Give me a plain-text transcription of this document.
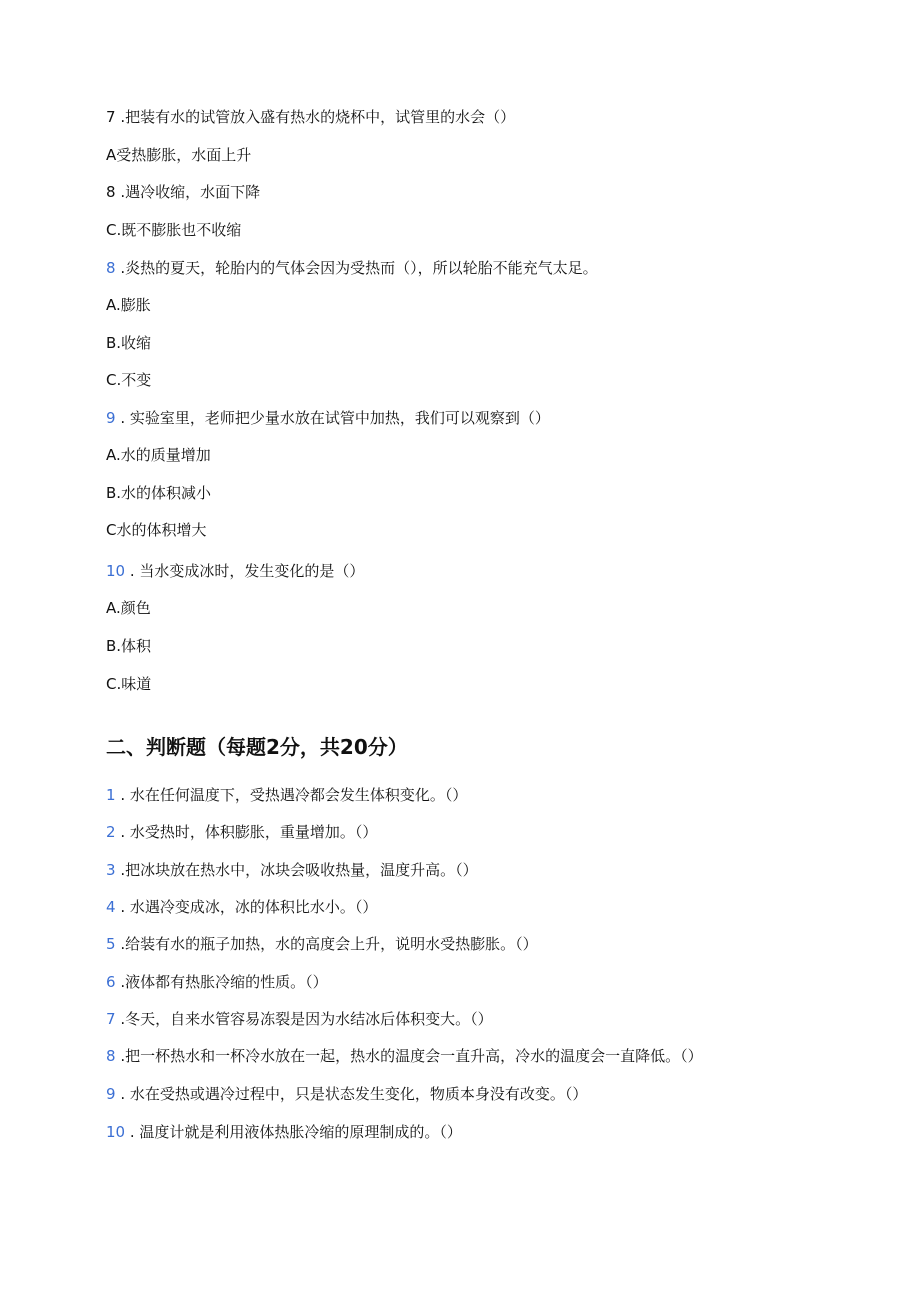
7 .把装有水的试管放入盛有热水的烧杯中，试管里的水会（）
A受热膨胀，水面上升
8 .遇冷收缩，水面下降
C.既不膨胀也不收缩
8 .炎热的夏天，轮胎内的气体会因为受热而（），所以轮胎不能充气太足。
A.膨胀
B.收缩
C.不变
9 . 实验室里，老师把少量水放在试管中加热，我们可以观察到（）
A.水的质量增加
B.水的体积减小
C水的体积增大
10 . 当水变成冰时，发生变化的是（）
A.颜色
B.体积
C.味道
二、判断题（每题2分，共20分）
1 . 水在任何温度下，受热遇冷都会发生体积变化。（）
2 . 水受热时，体积膨胀，重量增加。（）
3 .把冰块放在热水中，冰块会吸收热量，温度升高。（）
4 . 水遇冷变成冰，冰的体积比水小。（）
5 .给装有水的瓶子加热，水的高度会上升，说明水受热膨胀。（）
6 .液体都有热胀冷缩的性质。（）
7 .冬天，自来水管容易冻裂是因为水结冰后体积变大。（）
8 .把一杯热水和一杯冷水放在一起，热水的温度会一直升高，冷水的温度会一直降低。（）
9 . 水在受热或遇冷过程中，只是状态发生变化，物质本身没有改变。（）
10 . 温度计就是利用液体热胀冷缩的原理制成的。（）
